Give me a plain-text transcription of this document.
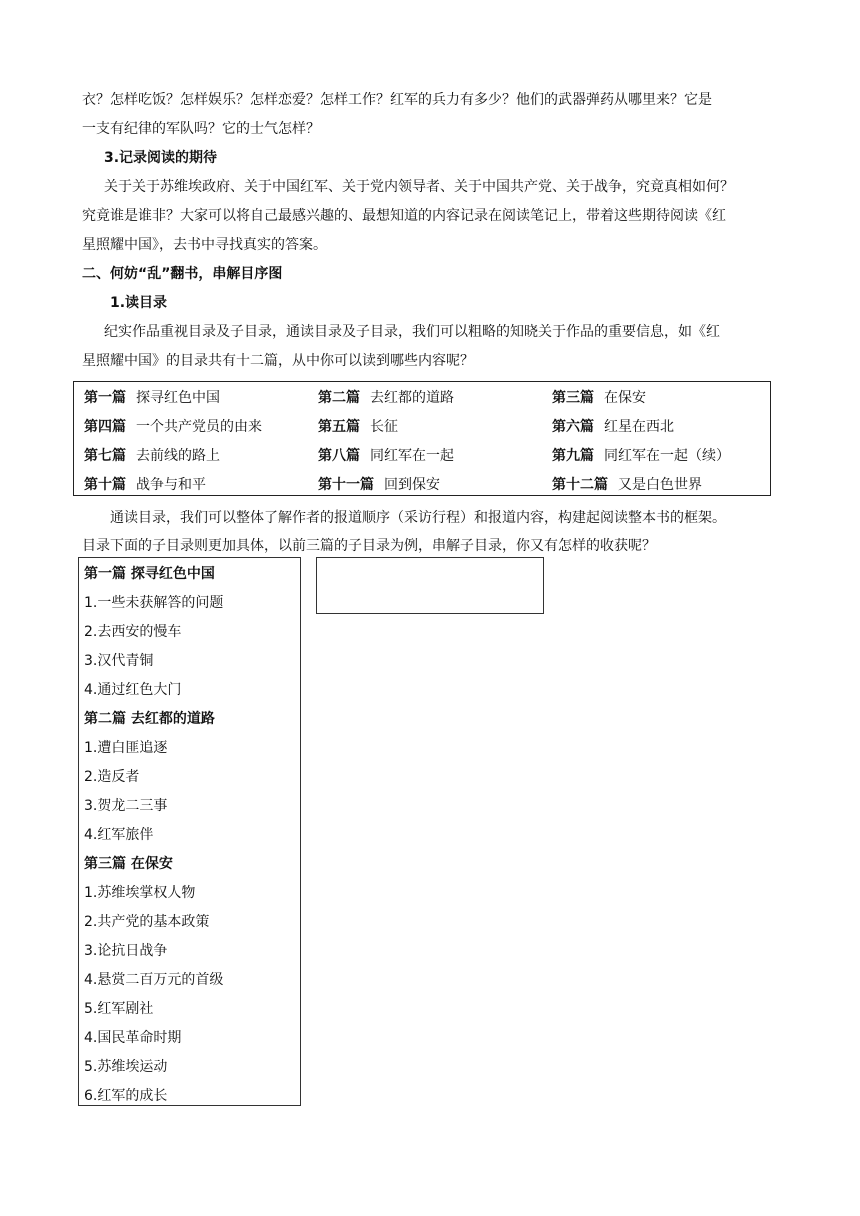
衣？怎样吃饭？怎样娱乐？怎样恋爱？怎样工作？红军的兵力有多少？他们的武器弹药从哪里来？它是
一支有纪律的军队吗？它的士气怎样？
3.记录阅读的期待
关于关于苏维埃政府、关于中国红军、关于党内领导者、关于中国共产党、关于战争，究竟真相如何？
究竟谁是谁非？大家可以将自己最感兴趣的、最想知道的内容记录在阅读笔记上，带着这些期待阅读《红
星照耀中国》，去书中寻找真实的答案。
二、何妨“乱”翻书，串解目序图
1.读目录
纪实作品重视目录及子目录，通读目录及子目录，我们可以粗略的知晓关于作品的重要信息，如《红
星照耀中国》的目录共有十二篇，从中你可以读到哪些内容呢？
第一篇 探寻红色中国	第二篇 去红都的道路	第三篇 在保安
第四篇 一个共产党员的由来	第五篇 长征	第六篇 红星在西北
第七篇 去前线的路上	第八篇 同红军在一起	第九篇 同红军在一起（续）
第十篇 战争与和平	第十一篇 回到保安	第十二篇 又是白色世界
通读目录，我们可以整体了解作者的报道顺序（采访行程）和报道内容，构建起阅读整本书的框架。
目录下面的子目录则更加具体，以前三篇的子目录为例，串解子目录，你又有怎样的收获呢？
第一篇 探寻红色中国
1.一些未获解答的问题
2.去西安的慢车
3.汉代青铜
4.通过红色大门
第二篇 去红都的道路
1.遭白匪追逐
2.造反者
3.贺龙二三事
4.红军旅伴
第三篇 在保安
1.苏维埃掌权人物
2.共产党的基本政策
3.论抗日战争
4.悬赏二百万元的首级
5.红军剧社
4.国民革命时期
5.苏维埃运动
6.红军的成长
